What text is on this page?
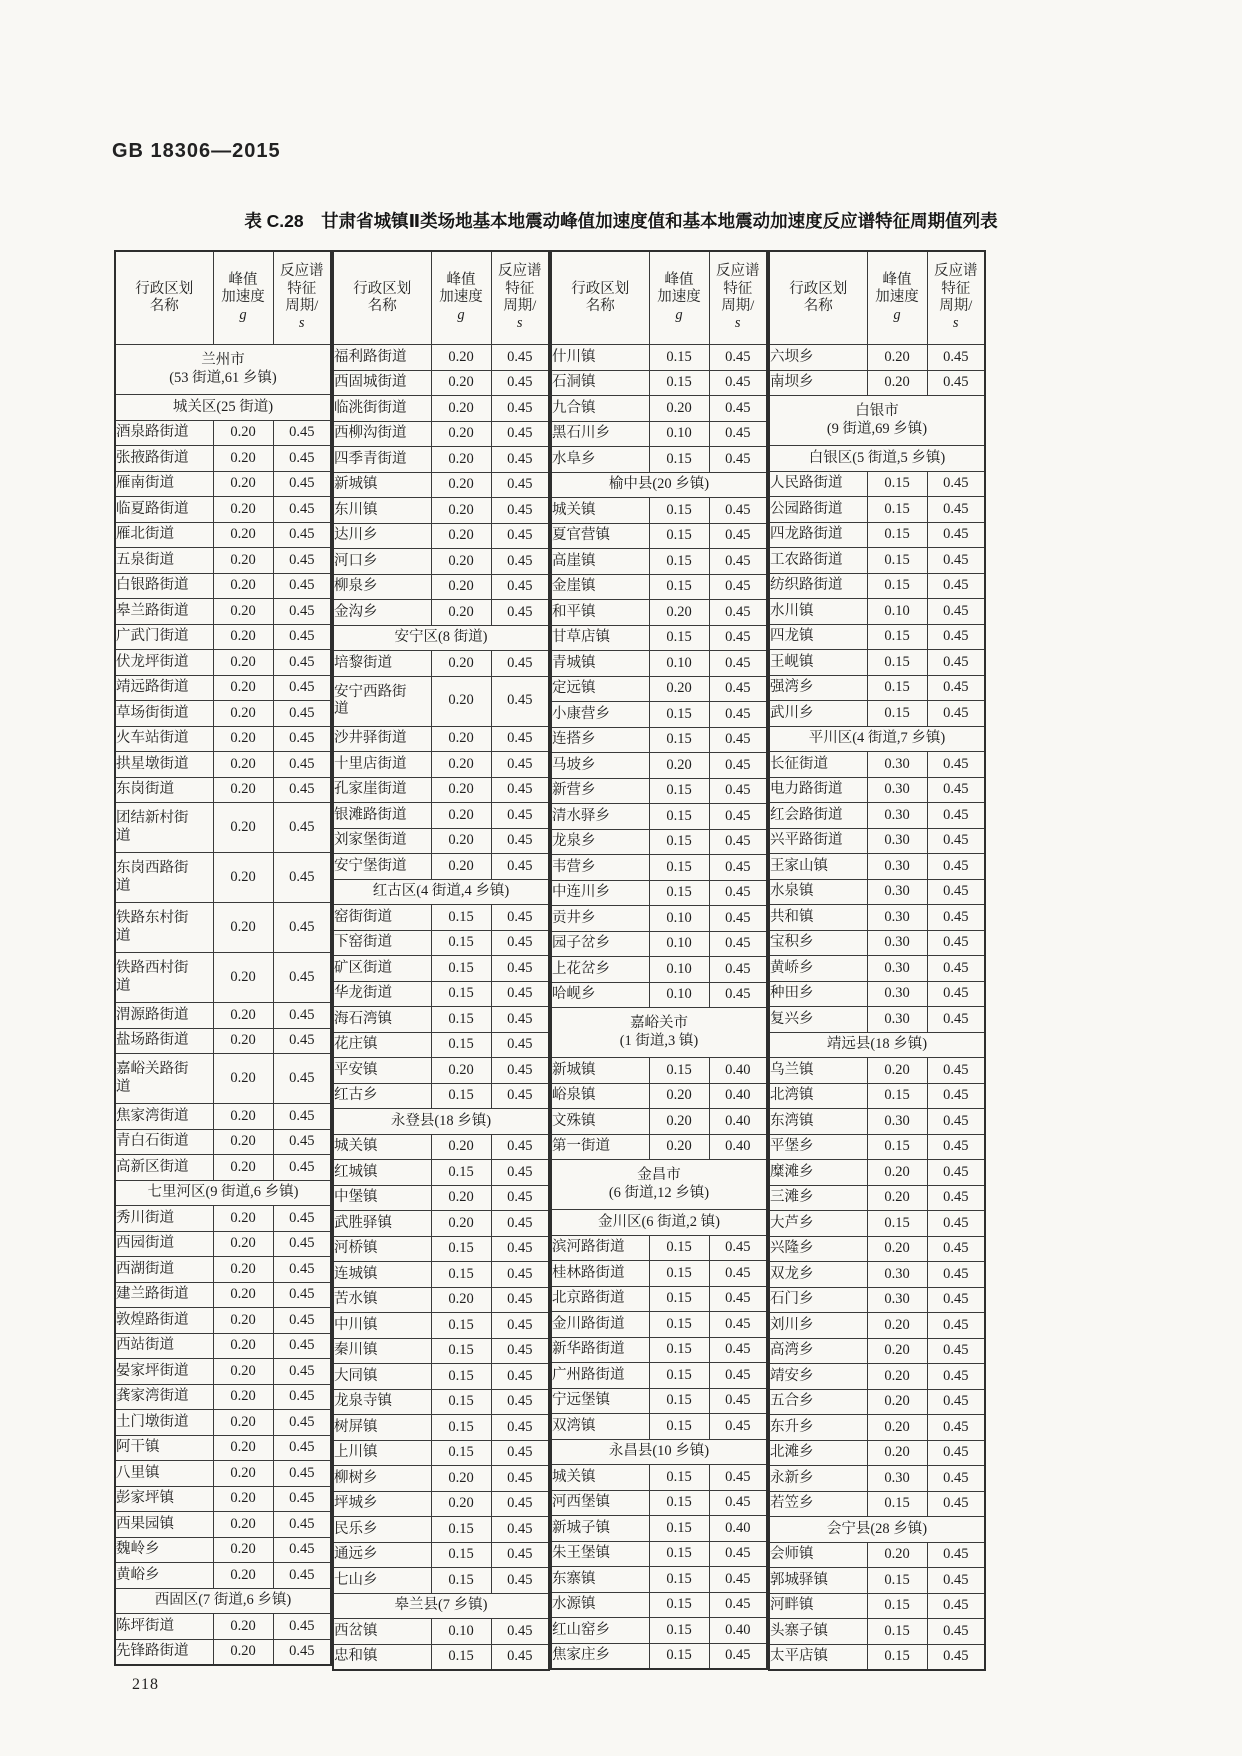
GB 18306—2015
表 C.28　甘肃省城镇Ⅱ类场地基本地震动峰值加速度值和基本地震动加速度反应谱特征周期值列表
行政区划
名称

峰值
加速度
g

反应谱
特征
周期/
s

兰州市
(53 街道,61 乡镇)		

城关区(25 街道)		
酒泉路街道	0.20	0.45
张掖路街道	0.20	0.45
雁南街道	0.20	0.45
临夏路街道	0.20	0.45
雁北街道	0.20	0.45
五泉街道	0.20	0.45
白银路街道	0.20	0.45
皋兰路街道	0.20	0.45
广武门街道	0.20	0.45
伏龙坪街道	0.20	0.45
靖远路街道	0.20	0.45
草场街街道	0.20	0.45
火车站街道	0.20	0.45
拱星墩街道	0.20	0.45
东岗街道	0.20	0.45
团结新村街
道	0.20	0.45
东岗西路街
道	0.20	0.45
铁路东村街
道	0.20	0.45
铁路西村街
道	0.20	0.45
渭源路街道	0.20	0.45
盐场路街道	0.20	0.45
嘉峪关路街
道	0.20	0.45
焦家湾街道	0.20	0.45
青白石街道	0.20	0.45
高新区街道	0.20	0.45
七里河区(9 街道,6 乡镇)		
秀川街道	0.20	0.45
西园街道	0.20	0.45
西湖街道	0.20	0.45
建兰路街道	0.20	0.45
敦煌路街道	0.20	0.45
西站街道	0.20	0.45
晏家坪街道	0.20	0.45
龚家湾街道	0.20	0.45
土门墩街道	0.20	0.45
阿干镇	0.20	0.45
八里镇	0.20	0.45
彭家坪镇	0.20	0.45
西果园镇	0.20	0.45
魏岭乡	0.20	0.45
黄峪乡	0.20	0.45
西固区(7 街道,6 乡镇)		
陈坪街道	0.20	0.45
先锋路街道	0.20	0.45
行政区划
名称

峰值
加速度
g

反应谱
特征
周期/
s

福利路街道	0.20	0.45
西固城街道	0.20	0.45
临洮街街道	0.20	0.45
西柳沟街道	0.20	0.45
四季青街道	0.20	0.45
新城镇	0.20	0.45
东川镇	0.20	0.45
达川乡	0.20	0.45
河口乡	0.20	0.45
柳泉乡	0.20	0.45
金沟乡	0.20	0.45
安宁区(8 街道)		
培黎街道	0.20	0.45
安宁西路街
道	0.20	0.45
沙井驿街道	0.20	0.45
十里店街道	0.20	0.45
孔家崖街道	0.20	0.45
银滩路街道	0.20	0.45
刘家堡街道	0.20	0.45
安宁堡街道	0.20	0.45
红古区(4 街道,4 乡镇)		
窑街街道	0.15	0.45
下窑街道	0.15	0.45
矿区街道	0.15	0.45
华龙街道	0.15	0.45
海石湾镇	0.15	0.45
花庄镇	0.15	0.45
平安镇	0.20	0.45
红古乡	0.15	0.45
永登县(18 乡镇)		
城关镇	0.20	0.45
红城镇	0.15	0.45
中堡镇	0.20	0.45
武胜驿镇	0.20	0.45
河桥镇	0.15	0.45
连城镇	0.15	0.45
苦水镇	0.20	0.45
中川镇	0.15	0.45
秦川镇	0.15	0.45
大同镇	0.15	0.45
龙泉寺镇	0.15	0.45
树屏镇	0.15	0.45
上川镇	0.15	0.45
柳树乡	0.20	0.45
坪城乡	0.20	0.45
民乐乡	0.15	0.45
通远乡	0.15	0.45
七山乡	0.15	0.45
皋兰县(7 乡镇)		
西岔镇	0.10	0.45
忠和镇	0.15	0.45
行政区划
名称

峰值
加速度
g

反应谱
特征
周期/
s

什川镇	0.15	0.45
石洞镇	0.15	0.45
九合镇	0.20	0.45
黑石川乡	0.10	0.45
水阜乡	0.15	0.45
榆中县(20 乡镇)		
城关镇	0.15	0.45
夏官营镇	0.15	0.45
高崖镇	0.15	0.45
金崖镇	0.15	0.45
和平镇	0.20	0.45
甘草店镇	0.15	0.45
青城镇	0.10	0.45
定远镇	0.20	0.45
小康营乡	0.15	0.45
连搭乡	0.15	0.45
马坡乡	0.20	0.45
新营乡	0.15	0.45
清水驿乡	0.15	0.45
龙泉乡	0.15	0.45
韦营乡	0.15	0.45
中连川乡	0.15	0.45
贡井乡	0.10	0.45
园子岔乡	0.10	0.45
上花岔乡	0.10	0.45
哈岘乡	0.10	0.45

嘉峪关市
(1 街道,3 镇)		

新城镇	0.15	0.40
峪泉镇	0.20	0.40
文殊镇	0.20	0.40
第一街道	0.20	0.40

金昌市
(6 街道,12 乡镇)		

金川区(6 街道,2 镇)		
滨河路街道	0.15	0.45
桂林路街道	0.15	0.45
北京路街道	0.15	0.45
金川路街道	0.15	0.45
新华路街道	0.15	0.45
广州路街道	0.15	0.45
宁远堡镇	0.15	0.45
双湾镇	0.15	0.45
永昌县(10 乡镇)		
城关镇	0.15	0.45
河西堡镇	0.15	0.45
新城子镇	0.15	0.40
朱王堡镇	0.15	0.45
东寨镇	0.15	0.45
水源镇	0.15	0.45
红山窑乡	0.15	0.40
焦家庄乡	0.15	0.45
行政区划
名称

峰值
加速度
g

反应谱
特征
周期/
s

六坝乡	0.20	0.45
南坝乡	0.20	0.45

白银市
(9 街道,69 乡镇)		

白银区(5 街道,5 乡镇)		
人民路街道	0.15	0.45
公园路街道	0.15	0.45
四龙路街道	0.15	0.45
工农路街道	0.15	0.45
纺织路街道	0.15	0.45
水川镇	0.10	0.45
四龙镇	0.15	0.45
王岘镇	0.15	0.45
强湾乡	0.15	0.45
武川乡	0.15	0.45
平川区(4 街道,7 乡镇)		
长征街道	0.30	0.45
电力路街道	0.30	0.45
红会路街道	0.30	0.45
兴平路街道	0.30	0.45
王家山镇	0.30	0.45
水泉镇	0.30	0.45
共和镇	0.30	0.45
宝积乡	0.30	0.45
黄峤乡	0.30	0.45
种田乡	0.30	0.45
复兴乡	0.30	0.45
靖远县(18 乡镇)		
乌兰镇	0.20	0.45
北湾镇	0.15	0.45
东湾镇	0.30	0.45
平堡乡	0.15	0.45
糜滩乡	0.20	0.45
三滩乡	0.20	0.45
大芦乡	0.15	0.45
兴隆乡	0.20	0.45
双龙乡	0.30	0.45
石门乡	0.30	0.45
刘川乡	0.20	0.45
高湾乡	0.20	0.45
靖安乡	0.20	0.45
五合乡	0.20	0.45
东升乡	0.20	0.45
北滩乡	0.20	0.45
永新乡	0.30	0.45
若笠乡	0.15	0.45
会宁县(28 乡镇)		
会师镇	0.20	0.45
郭城驿镇	0.15	0.45
河畔镇	0.15	0.45
头寨子镇	0.15	0.45
太平店镇	0.15	0.45
218
